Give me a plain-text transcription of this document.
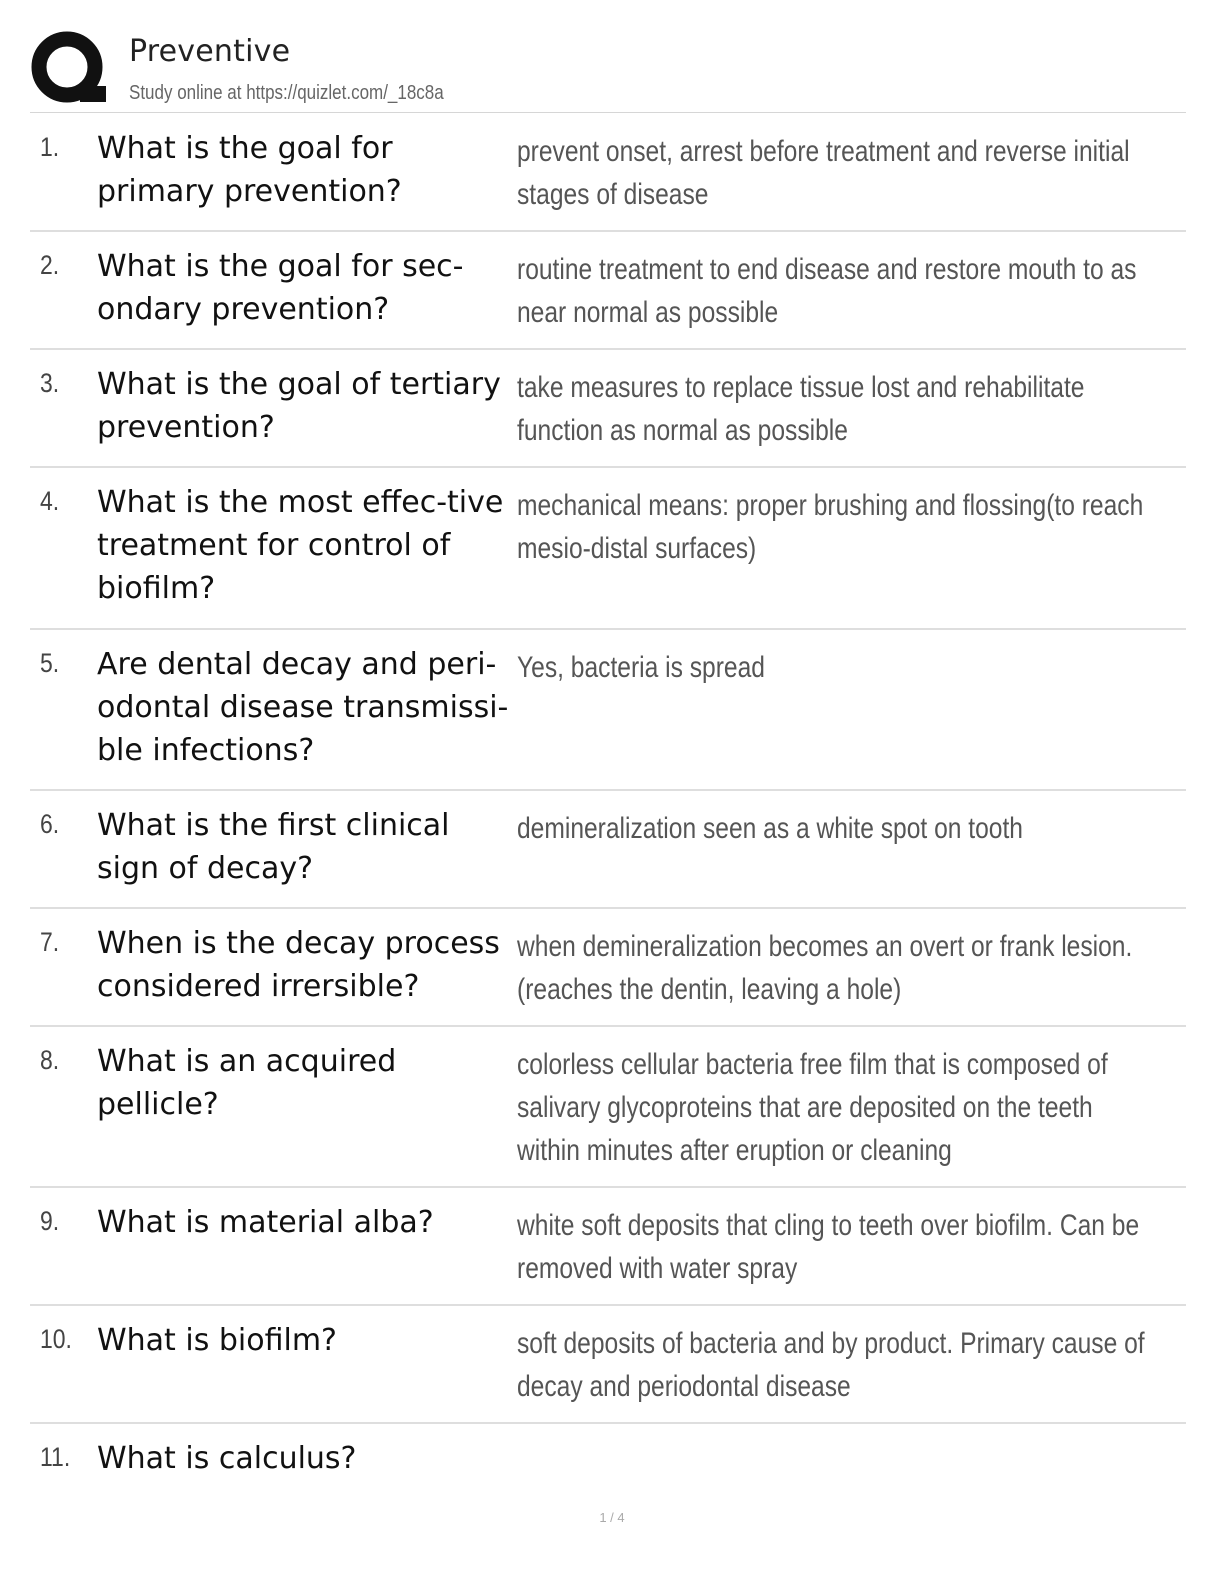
Preventive
Study online at https://quizlet.com/_18c8a
1. What is the goal for primary prevention?
prevent onset, arrest before treatment and reverse initial stages of disease
2. What is the goal for sec-ondary prevention?
routine treatment to end disease and restore mouth to as near normal as possible
3. What is the goal of tertiary prevention?
take measures to replace tissue lost and rehabilitate function as normal as possible
4. What is the most effec-tive treatment for control of biofilm?
mechanical means: proper brushing and flossing(to reach mesio-distal surfaces)
5. Are dental decay and peri-odontal disease transmissi-ble infections?
Yes, bacteria is spread
6. What is the first clinical sign of decay?
demineralization seen as a white spot on tooth
7. When is the decay process considered irrersible?
when demineralization becomes an overt or frank lesion. (reaches the dentin, leaving a hole)
8. What is an acquired pellicle?
colorless cellular bacteria free film that is composed of salivary glycoproteins that are deposited on the teeth within minutes after eruption or cleaning
9. What is material alba?	white soft deposits that cling to teeth over biofilm. Can be removed with water spray
10. What is biofilm?	soft deposits of bacteria and by product. Primary cause of decay and periodontal disease
11. What is calculus?
1 / 4
